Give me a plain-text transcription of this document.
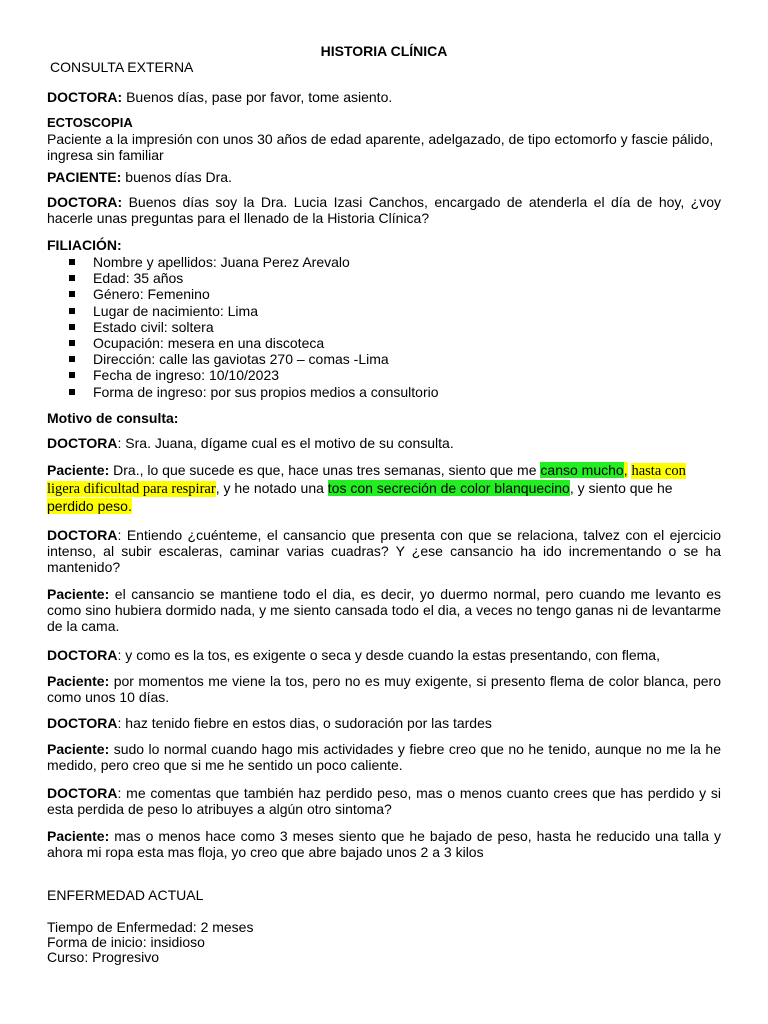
HISTORIA CLÍNICA
CONSULTA EXTERNA
DOCTORA: Buenos días, pase por favor, tome asiento.
ECTOSCOPIA
Paciente a la impresión con unos 30 años de edad aparente, adelgazado, de tipo ectomorfo y fascie pálido, ingresa sin familiar
PACIENTE: buenos días Dra.
DOCTORA: Buenos días soy la Dra. Lucia Izasi Canchos, encargado de atenderla el día de hoy, ¿voy hacerle unas preguntas para el llenado de la Historia Clínica?
FILIACIÓN:
Nombre y apellidos: Juana Perez Arevalo
Edad: 35 años
Género: Femenino
Lugar de nacimiento: Lima
Estado civil: soltera
Ocupación: mesera en una discoteca
Dirección: calle las gaviotas 270 – comas -Lima
Fecha de ingreso: 10/10/2023
Forma de ingreso: por sus propios medios a consultorio
Motivo de consulta:
DOCTORA: Sra. Juana, dígame cual es el motivo de su consulta.
Paciente: Dra., lo que sucede es que, hace unas tres semanas, siento que me canso mucho, hasta con ligera dificultad para respirar, y he notado una tos con secreción de color blanquecino, y siento que he
perdido peso.
DOCTORA: Entiendo ¿cuénteme, el cansancio que presenta con que se relaciona, talvez con el ejercicio intenso, al subir escaleras, caminar varias cuadras? Y ¿ese cansancio ha ido incrementando o se ha mantenido?
Paciente: el cansancio se mantiene todo el dia, es decir, yo duermo normal, pero cuando me levanto es como sino hubiera dormido nada, y me siento cansada todo el dia, a veces no tengo ganas ni de levantarme de la cama.
DOCTORA: y como es la tos, es exigente o seca y desde cuando la estas presentando, con flema,
Paciente: por momentos me viene la tos, pero no es muy exigente, si presento flema de color blanca, pero como unos 10 días.
DOCTORA: haz tenido fiebre en estos dias, o sudoración por las tardes
Paciente: sudo lo normal cuando hago mis actividades y fiebre creo que no he tenido, aunque no me la he medido, pero creo que si me he sentido un poco caliente.
DOCTORA: me comentas que también haz perdido peso, mas o menos cuanto crees que has perdido y si esta perdida de peso lo atribuyes a algún otro sintoma?
Paciente: mas o menos hace como 3 meses siento que he bajado de peso, hasta he reducido una talla y ahora mi ropa esta mas floja, yo creo que abre bajado unos 2 a 3 kilos
ENFERMEDAD ACTUAL
Tiempo de Enfermedad: 2 meses
Forma de inicio: insidioso
Curso: Progresivo
